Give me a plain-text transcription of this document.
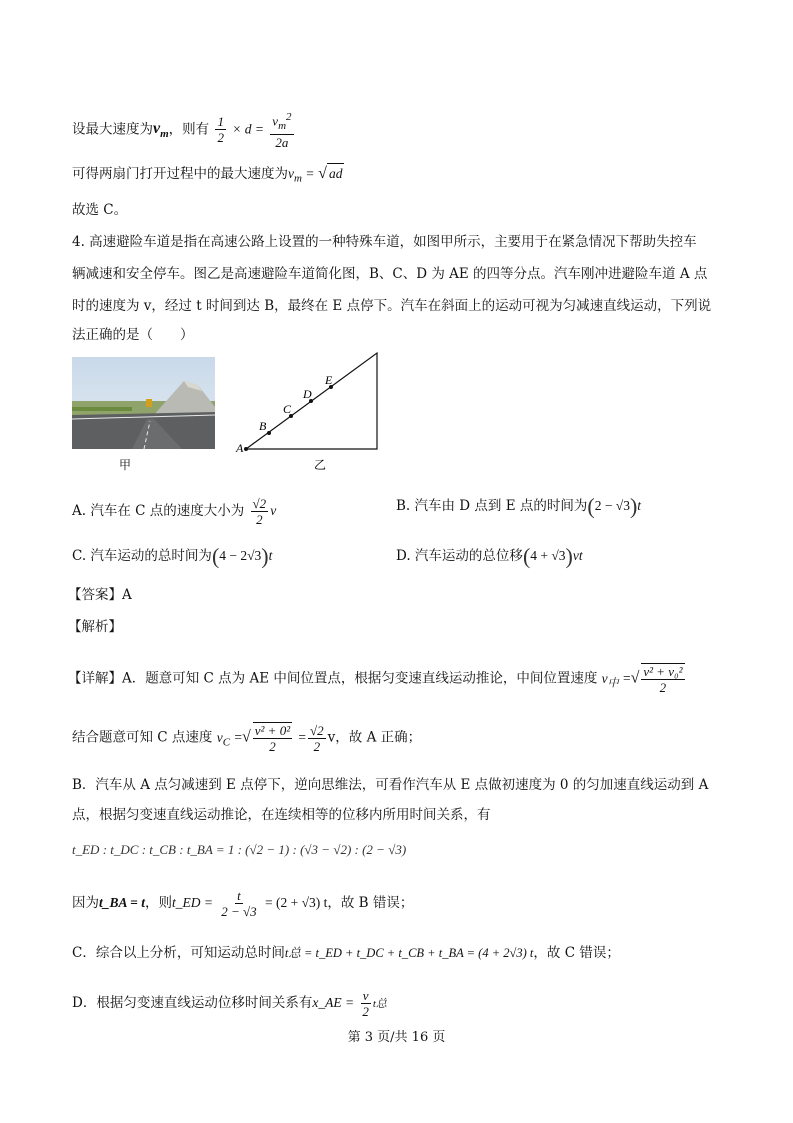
设最大速度为$v_m$，则有 $\frac{1}{2} \times d = \frac{v_m^2}{2a}$
可得两扇门打开过程中的最大速度为$v_m$ = √ ad
故选 C。
4. 高速避险车道是指在高速公路上设置的一种特殊车道，如图甲所示，主要用于在紧急情况下帮助失控车
辆减速和安全停车。图乙是高速避险车道简化图，B、C、D 为 AE 的四等分点。汽车刚冲进避险车道 A 点
时的速度为 v，经过 t 时间到达 B，最终在 E 点停下。汽车在斜面上的运动可视为匀减速直线运动，下列说
法正确的是（　　）
甲
A
B
C
D
E
乙
A. 汽车在 C 点的速度大小为 $\frac{√2}{2}$ v	B. 汽车由 D 点到 E 点的时间为(2 − √3)t
C. 汽车运动的总时间为(4 − 2√3)t	D. 汽车运动的总位移(4 + √3)vt
【答案】A
【解析】
【详解】A．题意可知 C 点为 AE 中间位置点，根据匀变速直线运动推论，中间位置速度 $v_中$ =√ $\frac{\text{v² + v₀²}}{2}$
结合题意可知 C 点速度 $v_C$ =√ $\frac{\text{v² + 0²}}{2} = \frac{√2}{2}$ v，故 A 正确；
B．汽车从 A 点匀减速到 E 点停下，逆向思维法，可看作汽车从 E 点做初速度为 0 的匀加速直线运动到 A
点，根据匀变速直线运动推论，在连续相等的位移内所用时间关系，有
t_ED : t_DC : t_CB : t_BA = 1 : (√2 − 1) : (√3 − √2) : (2 − √3)
因为t_BA = t，则t_ED = $\frac{t}{2 - √3} = (2 + √3)$ t，故 B 错误；
C．综合以上分析，可知运动总时间t总 = t_ED + t_DC + t_CB + t_BA = (4 + 2√3) t，故 C 错误；
D．根据匀变速直线运动位移时间关系有x_AE = $\frac{v}{2}$ t总
第 3 页/共 16 页
